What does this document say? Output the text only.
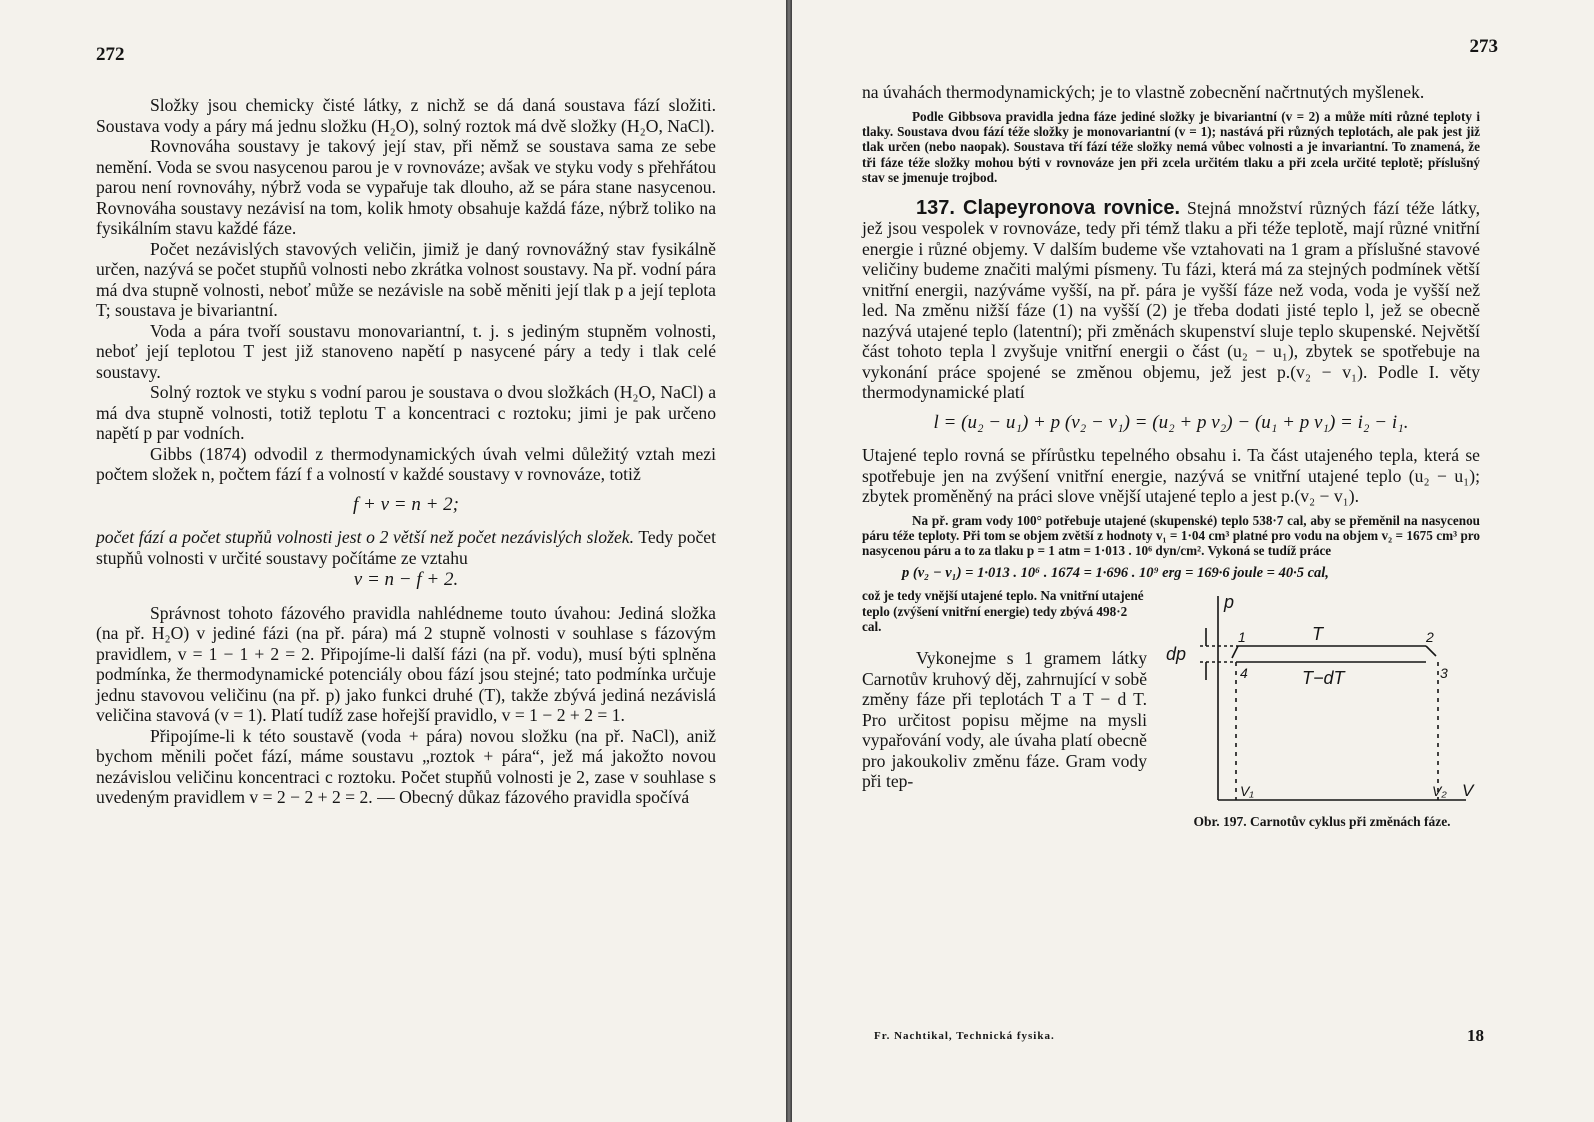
272

Složky jsou chemicky čisté látky, z nichž se dá daná soustava fází složiti. Soustava vody a páry má jednu složku (H₂O), solný roztok má dvě složky (H₂O, NaCl).

Rovnováha soustavy je takový její stav, při němž se soustava sama ze sebe nemění. Voda se svou nasycenou parou je v rovnováze; avšak ve styku vody s přehřátou parou není rovnováhy, nýbrž voda se vypařuje tak dlouho, až se pára stane nasycenou. Rovnováha soustavy nezávisí na tom, kolik hmoty obsahuje každá fáze, nýbrž toliko na fysikálním stavu každé fáze.

Počet nezávislých stavových veličin, jimiž je daný rovnovážný stav fysikálně určen, nazývá se počet stupňů volnosti nebo zkrátka volnost soustavy. Na př. vodní pára má dva stupně volnosti, neboť může se nezávisle na sobě měniti její tlak p a její teplota T; soustava je bivariantní.

Voda a pára tvoří soustavu monovariantní, t. j. s jediným stupněm volnosti, neboť její teplotou T jest již stanoveno napětí p nasycené páry a tedy i tlak celé soustavy.

Solný roztok ve styku s vodní parou je soustava o dvou složkách (H₂O, NaCl) a má dva stupně volnosti, totiž teplotu T a koncentraci c roztoku; jimi je pak určeno napětí p par vodních.

Gibbs (1874) odvodil z thermodynamických úvah velmi důležitý vztah mezi počtem složek n, počtem fází f a volností v každé soustavy v rovnováze, totiž

f + v = n + 2;

počet fází a počet stupňů volnosti jest o 2 větší než počet nezávislých složek. Tedy počet stupňů volnosti v určité soustavy počítáme ze vztahu

v = n − f + 2.

Správnost tohoto fázového pravidla nahlédneme touto úvahou: Jediná složka (na př. H₂O) v jediné fázi (na př. pára) má 2 stupně volnosti v souhlase s fázovým pravidlem, v = 1 − 1 + 2 = 2. Připojíme-li další fázi (na př. vodu), musí býti splněna podmínka, že thermodynamické potenciály obou fází jsou stejné; tato podmínka určuje jednu stavovou veličinu (na př. p) jako funkci druhé (T), takže zbývá jediná nezávislá veličina stavová (v = 1). Platí tudíž zase hořejší pravidlo, v = 1 − 2 + 2 = 1.

Připojíme-li k této soustavě (voda + pára) novou složku (na př. NaCl), aniž bychom měnili počet fází, máme soustavu „roztok + pára“, jež má jakožto novou nezávislou veličinu koncentraci c roztoku. Počet stupňů volnosti je 2, zase v souhlase s uvedeným pravidlem v = 2 − 2 + 2 = 2. — Obecný důkaz fázového pravidla spočívá

273

na úvahách thermodynamických; je to vlastně zobecnění načrtnutých myšlenek.

Podle Gibbsova pravidla jedna fáze jediné složky je bivariantní (v = 2) a může míti různé teploty i tlaky. Soustava dvou fází téže složky je monovariantní (v = 1); nastává při různých teplotách, ale pak jest již tlak určen (nebo naopak). Soustava tří fází téže složky nemá vůbec volnosti a je invariantní. To znamená, že tři fáze téže složky mohou býti v rovnováze jen při zcela určitém tlaku a při zcela určité teplotě; příslušný stav se jmenuje trojbod.

137. Clapeyronova rovnice. Stejná množství různých fází téže látky, jež jsou vespolek v rovnováze, tedy při témž tlaku a při téže teplotě, mají různé vnitřní energie i různé objemy. V dalším budeme vše vztahovati na 1 gram a příslušné stavové veličiny budeme značiti malými písmeny. Tu fázi, která má za stejných podmínek větší vnitřní energii, nazýváme vyšší, na př. pára je vyšší fáze než voda, voda je vyšší než led. Na změnu nižší fáze (1) na vyšší (2) je třeba dodati jisté teplo l, jež se obecně nazývá utajené teplo (latentní); při změnách skupenství sluje teplo skupenské. Největší část tohoto tepla l zvyšuje vnitřní energii o část (u₂ − u₁), zbytek se spotřebuje na vykonání práce spojené se změnou objemu, jež jest p.(v₂ − v₁). Podle I. věty thermodynamické platí

l = (u₂ − u₁) + p (v₂ − v₁) = (u₂ + p v₂) − (u₁ + p v₁) = i₂ − i₁.

Utajené teplo rovná se přírůstku tepelného obsahu i. Ta část utajeného tepla, která se spotřebuje jen na zvýšení vnitřní energie, nazývá se vnitřní utajené teplo (u₂ − u₁); zbytek proměněný na práci slove vnější utajené teplo a jest p.(v₂ − v₁).

Na př. gram vody 100° potřebuje utajené (skupenské) teplo 538·7 cal, aby se přeměnil na nasycenou páru téže teploty. Při tom se objem zvětší z hodnoty v₁ = 1·04 cm³ platné pro vodu na objem v₂ = 1675 cm³ pro nasycenou páru a to za tlaku p = 1 atm = 1·013 . 10⁶ dyn/cm². Vykoná se tudíž práce

p (v₂ − v₁) = 1·013 . 10⁶ . 1674 = 1·696 . 10⁹ erg = 169·6 joule = 40·5 cal,

což je tedy vnější utajené teplo. Na vnitřní utajené teplo (zvýšení vnitřní energie) tedy zbývá 498·2 cal.

Vykonejme s 1 gramem látky Carnotův kruhový děj, zahrnující v sobě změny fáze při teplotách T a T − d T. Pro určitost popisu mějme na mysli vypařování vody, ale úvaha platí obecně pro jakoukoliv změnu fáze. Gram vody při tep-

p
V
T
T−dT
dp
1	2
3
4
V₁	V₂
Obr. 197. Carnotův cyklus při změnách fáze.
Fr. Nachtikal, Technická fysika.	18
